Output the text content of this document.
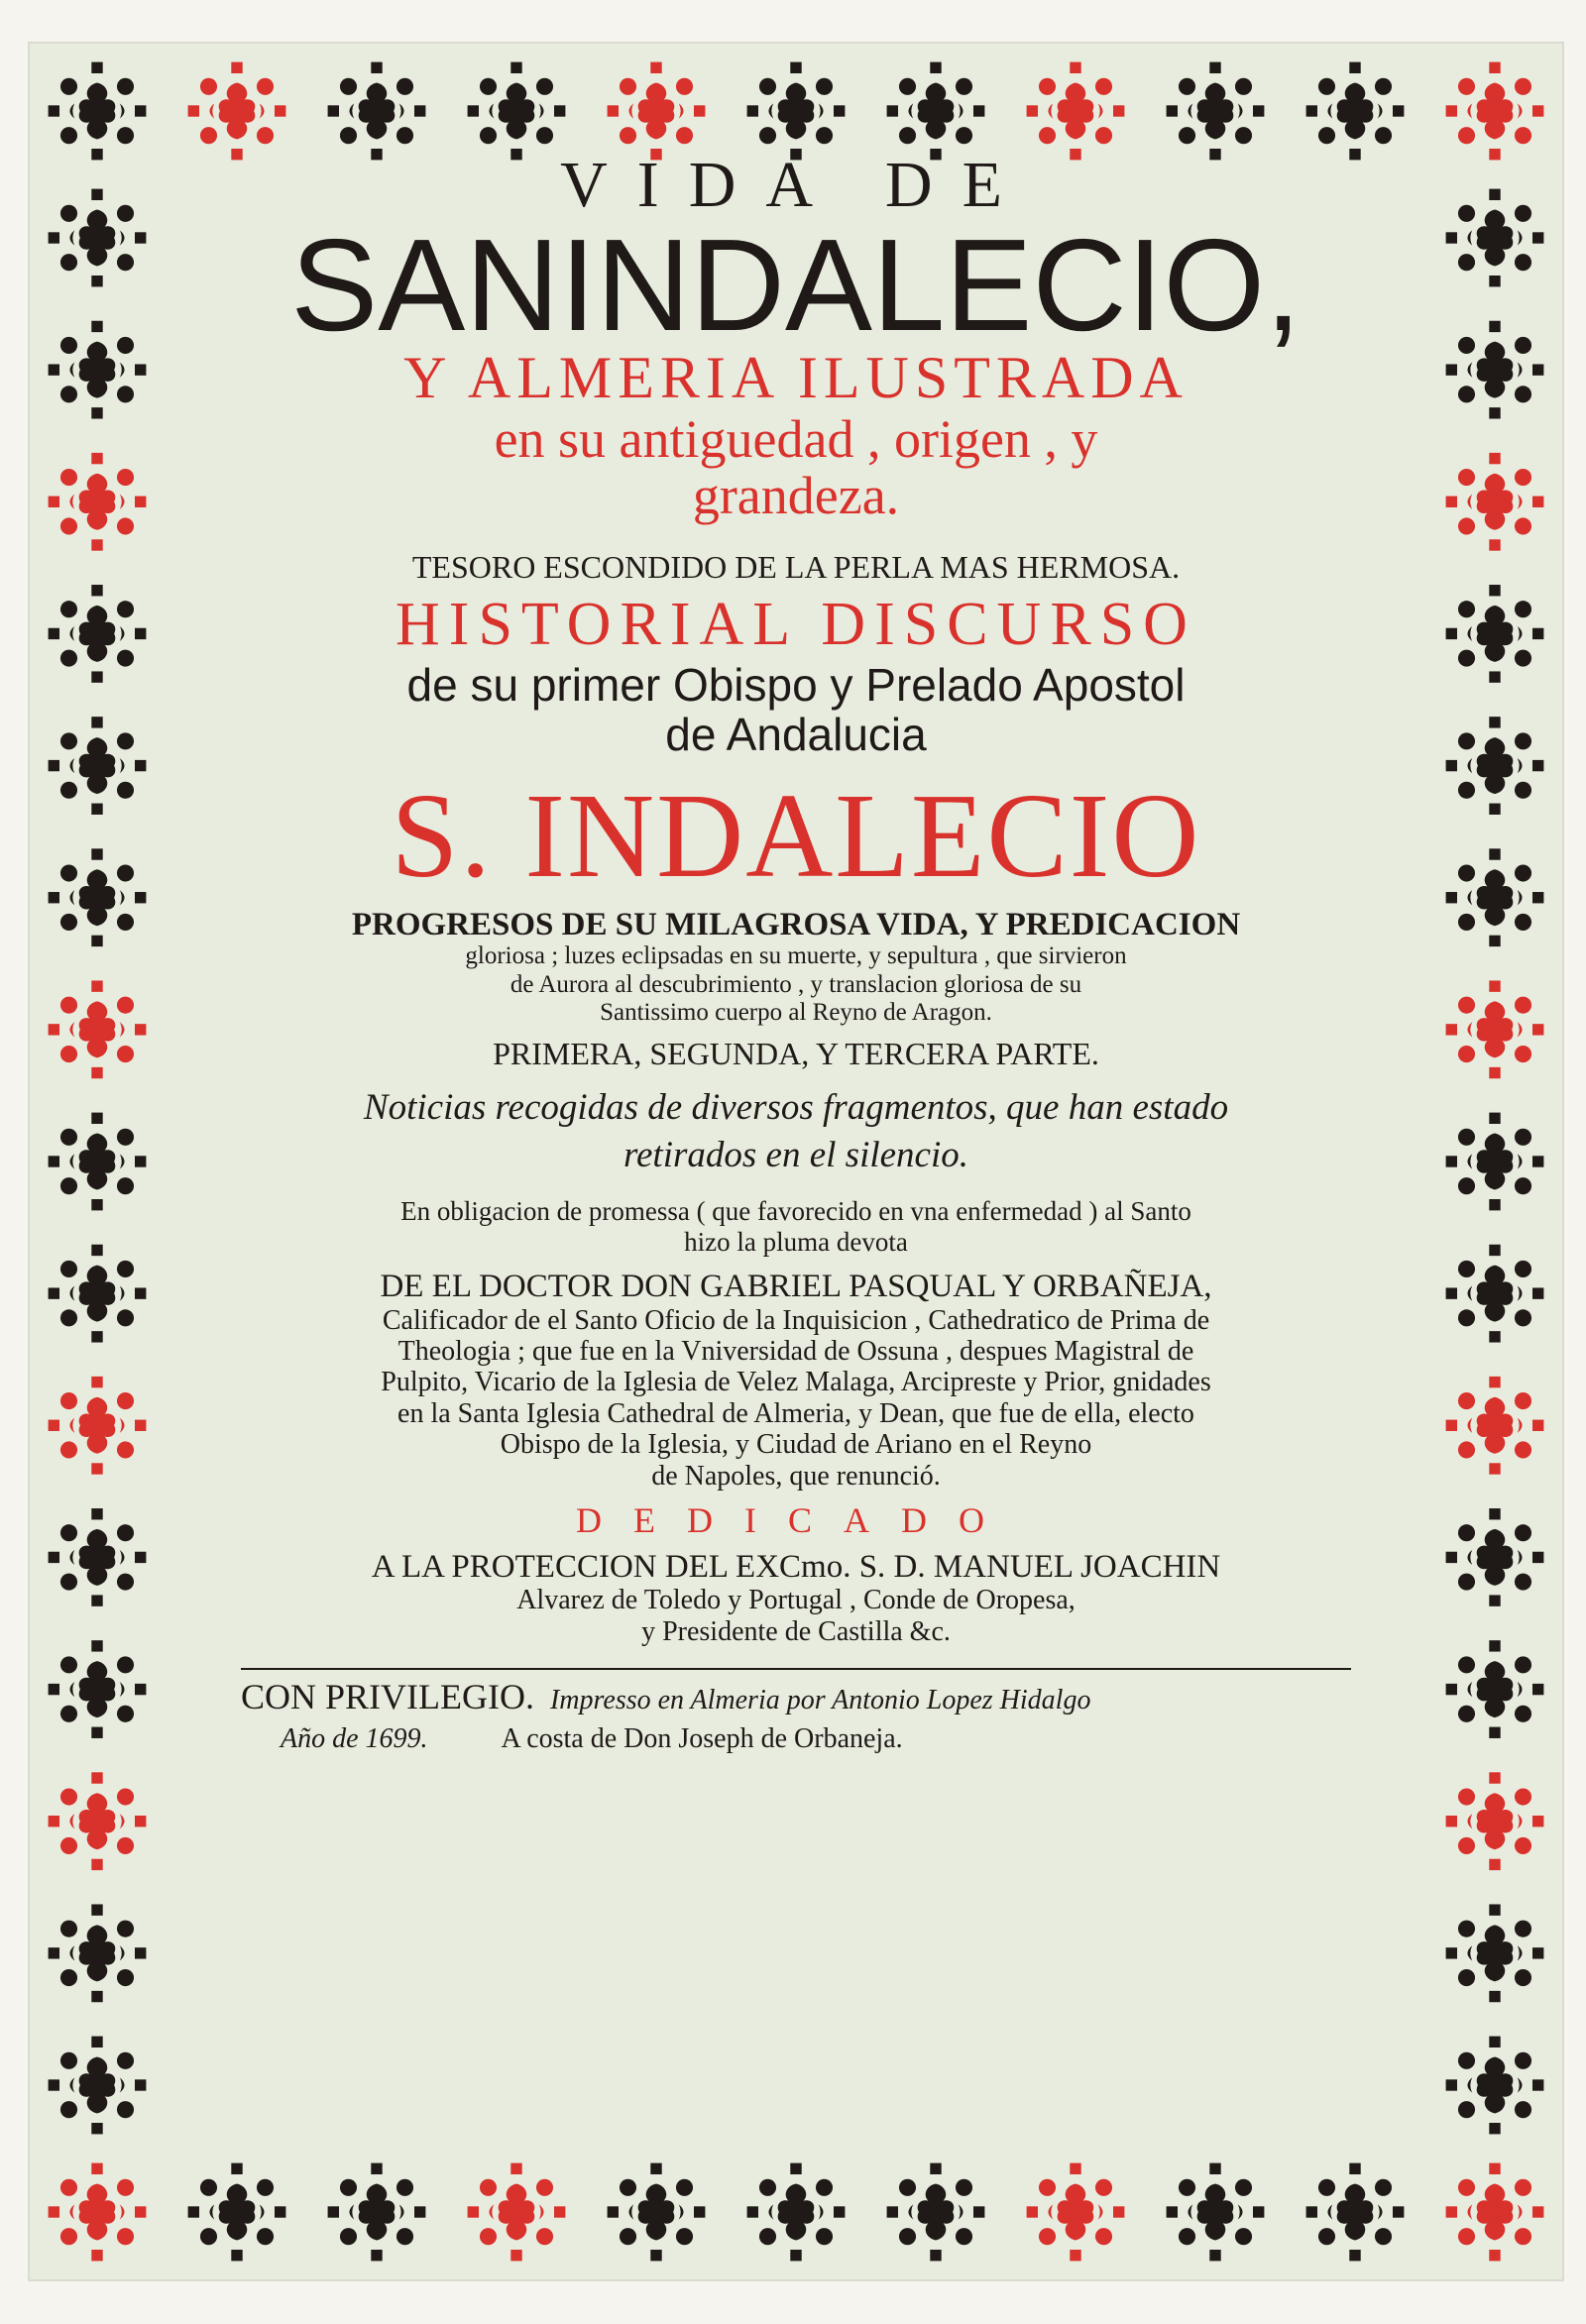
VIDA DE
SANINDALECIO,
Y ALMERIA ILUSTRADA
en su antiguedad , origen , y
grandeza.
TESORO ESCONDIDO DE LA PERLA MAS HERMOSA.
HISTORIAL DISCURSO
de su primer Obispo y Prelado Apostol
de Andalucia
S. INDALECIO
PROGRESOS DE SU MILAGROSA VIDA, Y PREDICACION
gloriosa ; luzes eclipsadas en su muerte, y sepultura , que sirvieron
de Aurora al descubrimiento , y translacion gloriosa de su
Santissimo cuerpo al Reyno de Aragon.
PRIMERA, SEGUNDA, Y TERCERA PARTE.
Noticias recogidas de diversos fragmentos, que han estado
retirados en el silencio.
En obligacion de promessa ( que favorecido en vna enfermedad ) al Santo
hizo la pluma devota
DE EL DOCTOR DON GABRIEL PASQUAL Y ORBAÑEJA,
Calificador de el Santo Oficio de la Inquisicion , Cathedratico de Prima de
Theologia ; que fue en la Vniversidad de Ossuna , despues Magistral de
Pulpito, Vicario de la Iglesia de Velez Malaga, Arcipreste y Prior, gnidades
en la Santa Iglesia Cathedral de Almeria, y Dean, que fue de ella, electo
Obispo de la Iglesia, y Ciudad de Ariano en el Reyno
de Napoles, que renunció.
DEDICADO
A LA PROTECCION DEL EXCmo. S. D. MANUEL JOACHIN
Alvarez de Toledo y Portugal , Conde de Oropesa,
y Presidente de Castilla &c.
CON PRIVILEGIO. Impresso en Almeria por Antonio Lopez Hidalgo
Año de 1699.	A costa de Don Joseph de Orbaneja.
